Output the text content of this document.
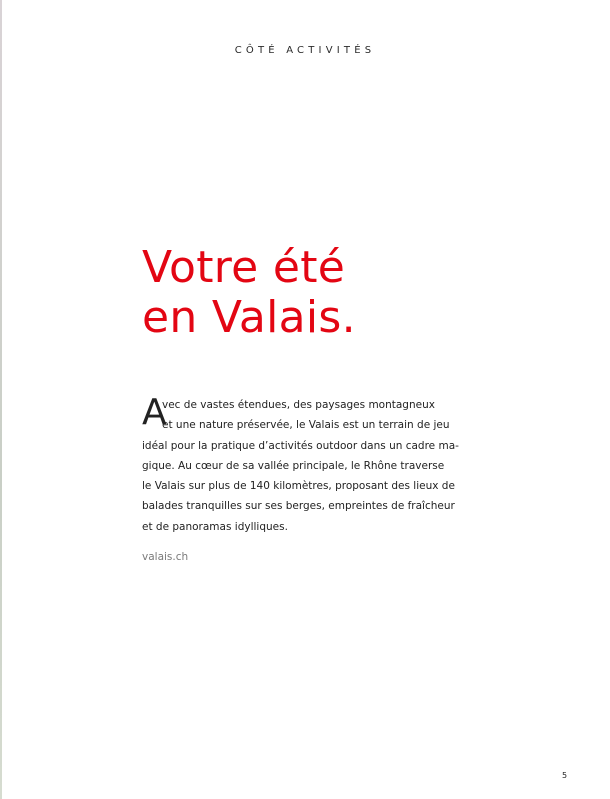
CÔTÉ ACTIVITÉS
Votre été
en Valais.
A

vec de vastes étendues, des paysages montagneux
et une nature préservée, le Valais est un terrain de jeu
idéal pour la pratique d’activités outdoor dans un cadre ma-
gique. Au cœur de sa vallée principale, le Rhône traverse
le Valais sur plus de 140 kilomètres, proposant des lieux de
balades tranquilles sur ses berges, empreintes de fraîcheur
et de panoramas idylliques.

valais.ch
5
